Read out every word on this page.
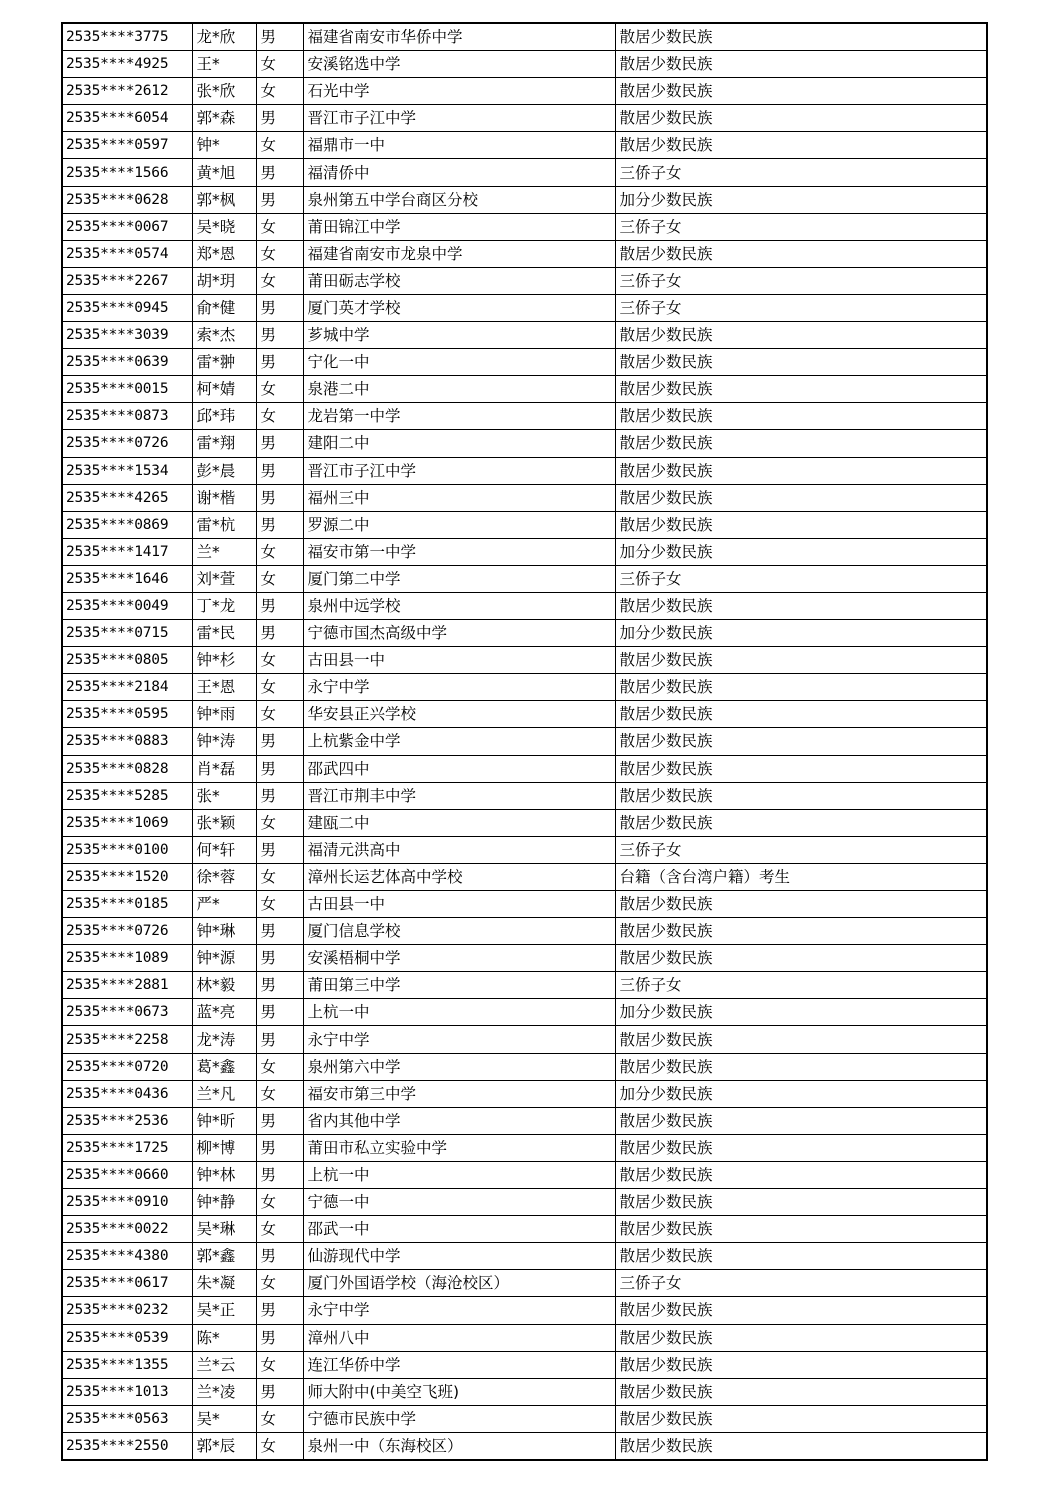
2535****3775	龙*欣	男	福建省南安市华侨中学	散居少数民族
2535****4925	王*	女	安溪铭选中学	散居少数民族
2535****2612	张*欣	女	石光中学	散居少数民族
2535****6054	郭*森	男	晋江市子江中学	散居少数民族
2535****0597	钟*	女	福鼎市一中	散居少数民族
2535****1566	黄*旭	男	福清侨中	三侨子女
2535****0628	郭*枫	男	泉州第五中学台商区分校	加分少数民族
2535****0067	吴*晓	女	莆田锦江中学	三侨子女
2535****0574	郑*恩	女	福建省南安市龙泉中学	散居少数民族
2535****2267	胡*玥	女	莆田砺志学校	三侨子女
2535****0945	俞*健	男	厦门英才学校	三侨子女
2535****3039	索*杰	男	芗城中学	散居少数民族
2535****0639	雷*翀	男	宁化一中	散居少数民族
2535****0015	柯*婧	女	泉港二中	散居少数民族
2535****0873	邱*玮	女	龙岩第一中学	散居少数民族
2535****0726	雷*翔	男	建阳二中	散居少数民族
2535****1534	彭*晨	男	晋江市子江中学	散居少数民族
2535****4265	谢*楷	男	福州三中	散居少数民族
2535****0869	雷*杭	男	罗源二中	散居少数民族
2535****1417	兰*	女	福安市第一中学	加分少数民族
2535****1646	刘*萱	女	厦门第二中学	三侨子女
2535****0049	丁*龙	男	泉州中远学校	散居少数民族
2535****0715	雷*民	男	宁德市国杰高级中学	加分少数民族
2535****0805	钟*杉	女	古田县一中	散居少数民族
2535****2184	王*恩	女	永宁中学	散居少数民族
2535****0595	钟*雨	女	华安县正兴学校	散居少数民族
2535****0883	钟*涛	男	上杭紫金中学	散居少数民族
2535****0828	肖*磊	男	邵武四中	散居少数民族
2535****5285	张*	男	晋江市荆丰中学	散居少数民族
2535****1069	张*颖	女	建瓯二中	散居少数民族
2535****0100	何*轩	男	福清元洪高中	三侨子女
2535****1520	徐*蓉	女	漳州长运艺体高中学校	台籍（含台湾户籍）考生
2535****0185	严*	女	古田县一中	散居少数民族
2535****0726	钟*琳	男	厦门信息学校	散居少数民族
2535****1089	钟*源	男	安溪梧桐中学	散居少数民族
2535****2881	林*毅	男	莆田第三中学	三侨子女
2535****0673	蓝*亮	男	上杭一中	加分少数民族
2535****2258	龙*涛	男	永宁中学	散居少数民族
2535****0720	葛*鑫	女	泉州第六中学	散居少数民族
2535****0436	兰*凡	女	福安市第三中学	加分少数民族
2535****2536	钟*昕	男	省内其他中学	散居少数民族
2535****1725	柳*博	男	莆田市私立实验中学	散居少数民族
2535****0660	钟*林	男	上杭一中	散居少数民族
2535****0910	钟*静	女	宁德一中	散居少数民族
2535****0022	吴*琳	女	邵武一中	散居少数民族
2535****4380	郭*鑫	男	仙游现代中学	散居少数民族
2535****0617	朱*凝	女	厦门外国语学校（海沧校区）	三侨子女
2535****0232	吴*正	男	永宁中学	散居少数民族
2535****0539	陈*	男	漳州八中	散居少数民族
2535****1355	兰*云	女	连江华侨中学	散居少数民族
2535****1013	兰*凌	男	师大附中(中美空飞班)	散居少数民族
2535****0563	吴*	女	宁德市民族中学	散居少数民族
2535****2550	郭*辰	女	泉州一中（东海校区）	散居少数民族
